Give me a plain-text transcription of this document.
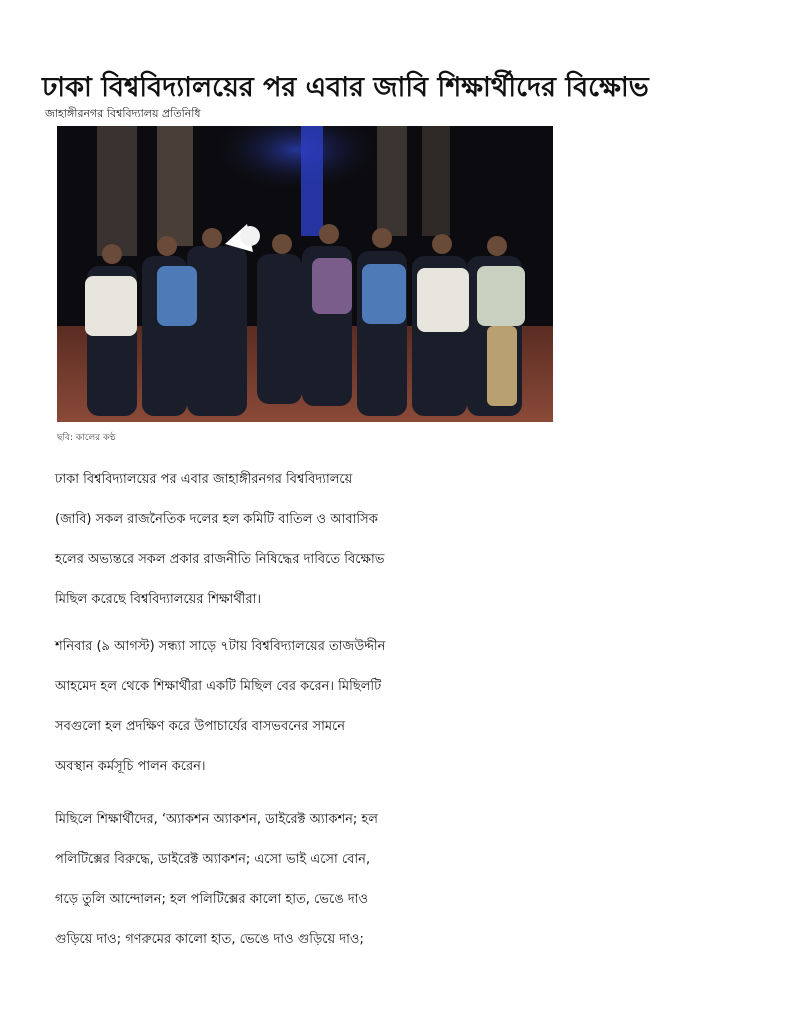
ঢাকা বিশ্ববিদ্যালয়ের পর এবার জাবি শিক্ষার্থীদের বিক্ষোভ
জাহাঙ্গীরনগর বিশ্ববিদ্যালয় প্রতিনিধি
ছবি: কালের কণ্ঠ

ঢাকা বিশ্ববিদ্যালয়ের পর এবার জাহাঙ্গীরনগর বিশ্ববিদ্যালয়ে

(জাবি) সকল রাজনৈতিক দলের হল কমিটি বাতিল ও আবাসিক

হলের অভ্যন্তরে সকল প্রকার রাজনীতি নিষিদ্ধের দাবিতে বিক্ষোভ

মিছিল করেছে বিশ্ববিদ্যালয়ের শিক্ষার্থীরা।

শনিবার (৯ আগস্ট) সন্ধ্যা সাড়ে ৭টায় বিশ্ববিদ্যালয়ের তাজউদ্দীন

আহমেদ হল থেকে শিক্ষার্থীরা একটি মিছিল বের করেন। মিছিলটি

সবগুলো হল প্রদক্ষিণ করে উপাচার্যের বাসভবনের সামনে

অবস্থান কর্মসূচি পালন করেন।

মিছিলে শিক্ষার্থীদের, ‘অ্যাকশন অ্যাকশন, ডাইরেক্ট অ্যাকশন; হল

পলিটিক্সের বিরুদ্ধে, ডাইরেক্ট অ্যাকশন; এসো ভাই এসো বোন,

গড়ে তুলি আন্দোলন; হল পলিটিক্সের কালো হাত, ভেঙে দাও

গুড়িয়ে দাও; গণরুমের কালো হাত, ভেঙে দাও গুড়িয়ে দাও;
